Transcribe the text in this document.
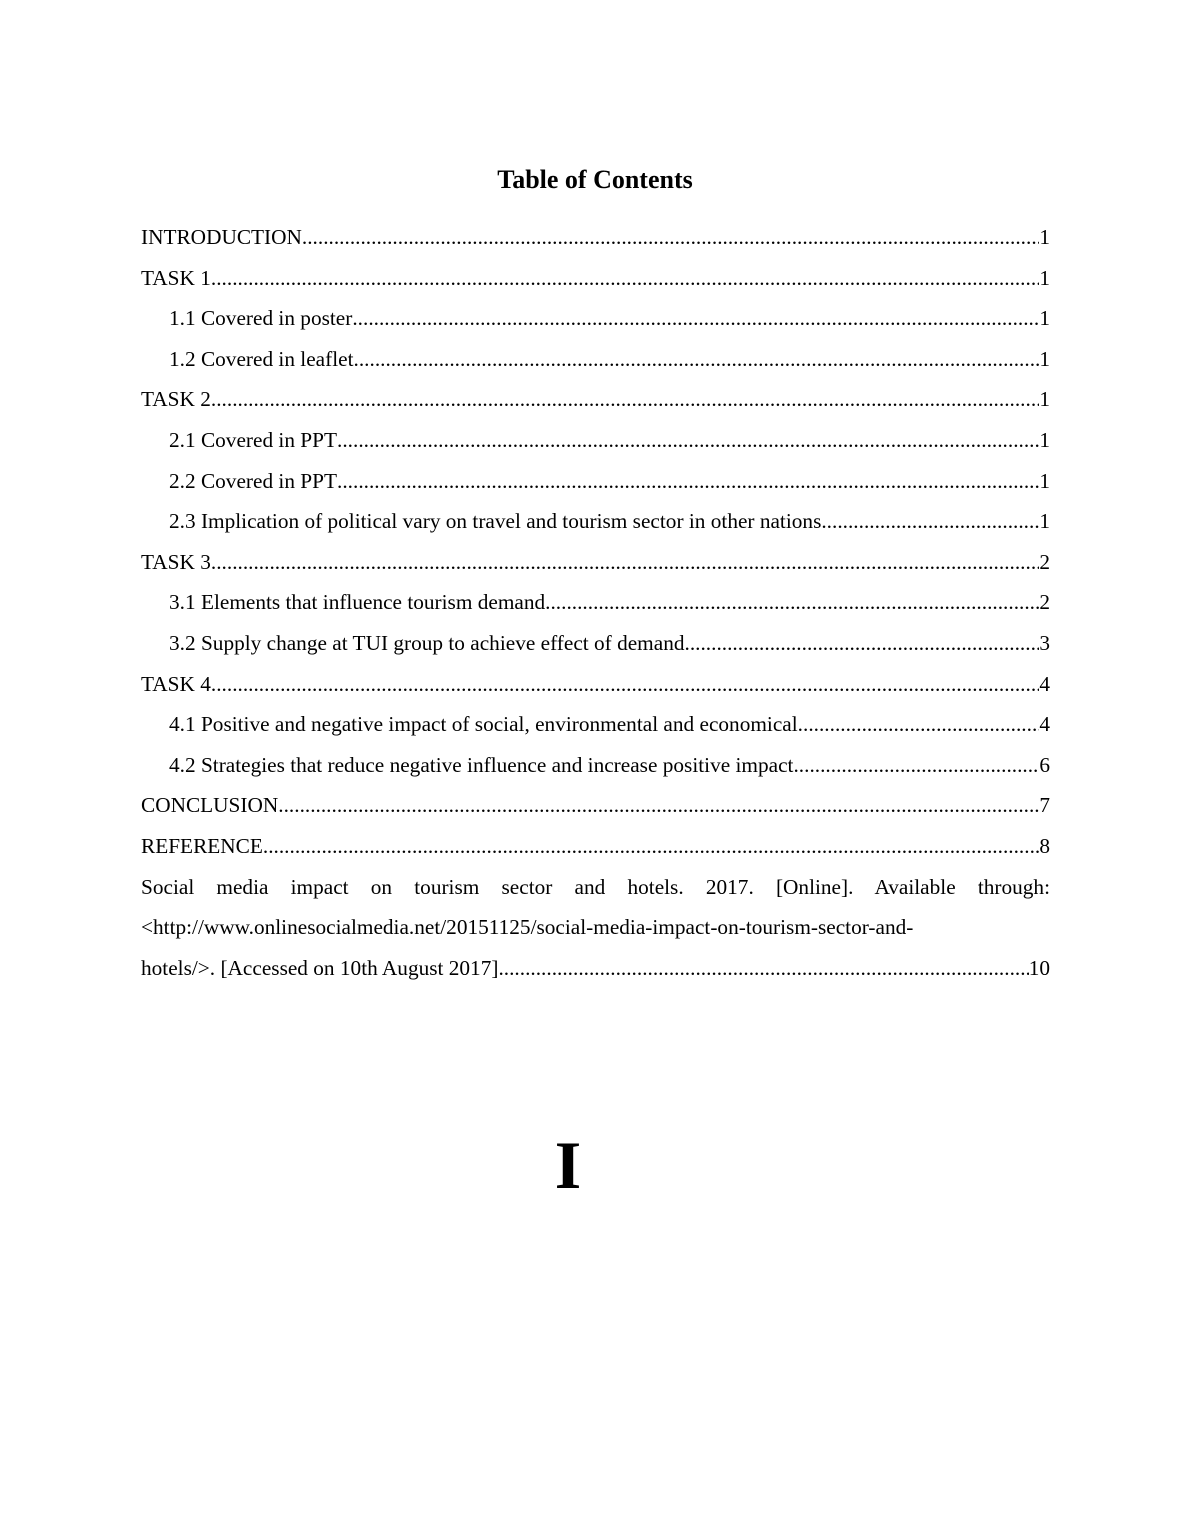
Table of Contents
INTRODUCTION .....	1
TASK 1 .....	1
1.1 Covered in poster .....	1
1.2 Covered in leaflet .....	1
TASK 2 .....	1
2.1 Covered in PPT .....	1
2.2 Covered in PPT .....	1
2.3 Implication of political vary on travel and tourism sector in other nations .....	1
TASK 3 .....	2
3.1 Elements that influence tourism demand .....	2
3.2 Supply change at TUI group to achieve effect of demand .....	3
TASK 4 .....	4
4.1 Positive and negative impact of social, environmental and economical .....	4
4.2 Strategies that reduce negative influence and increase positive impact .....	6
CONCLUSION .....	7
REFERENCE .....	8
Social media impact on tourism sector and hotels. 2017. [Online]. Available through:
<http://www.onlinesocialmedia.net/20151125/social-media-impact-on-tourism-sector-and-
hotels/>. [Accessed on 10th August 2017] .....	10
I
